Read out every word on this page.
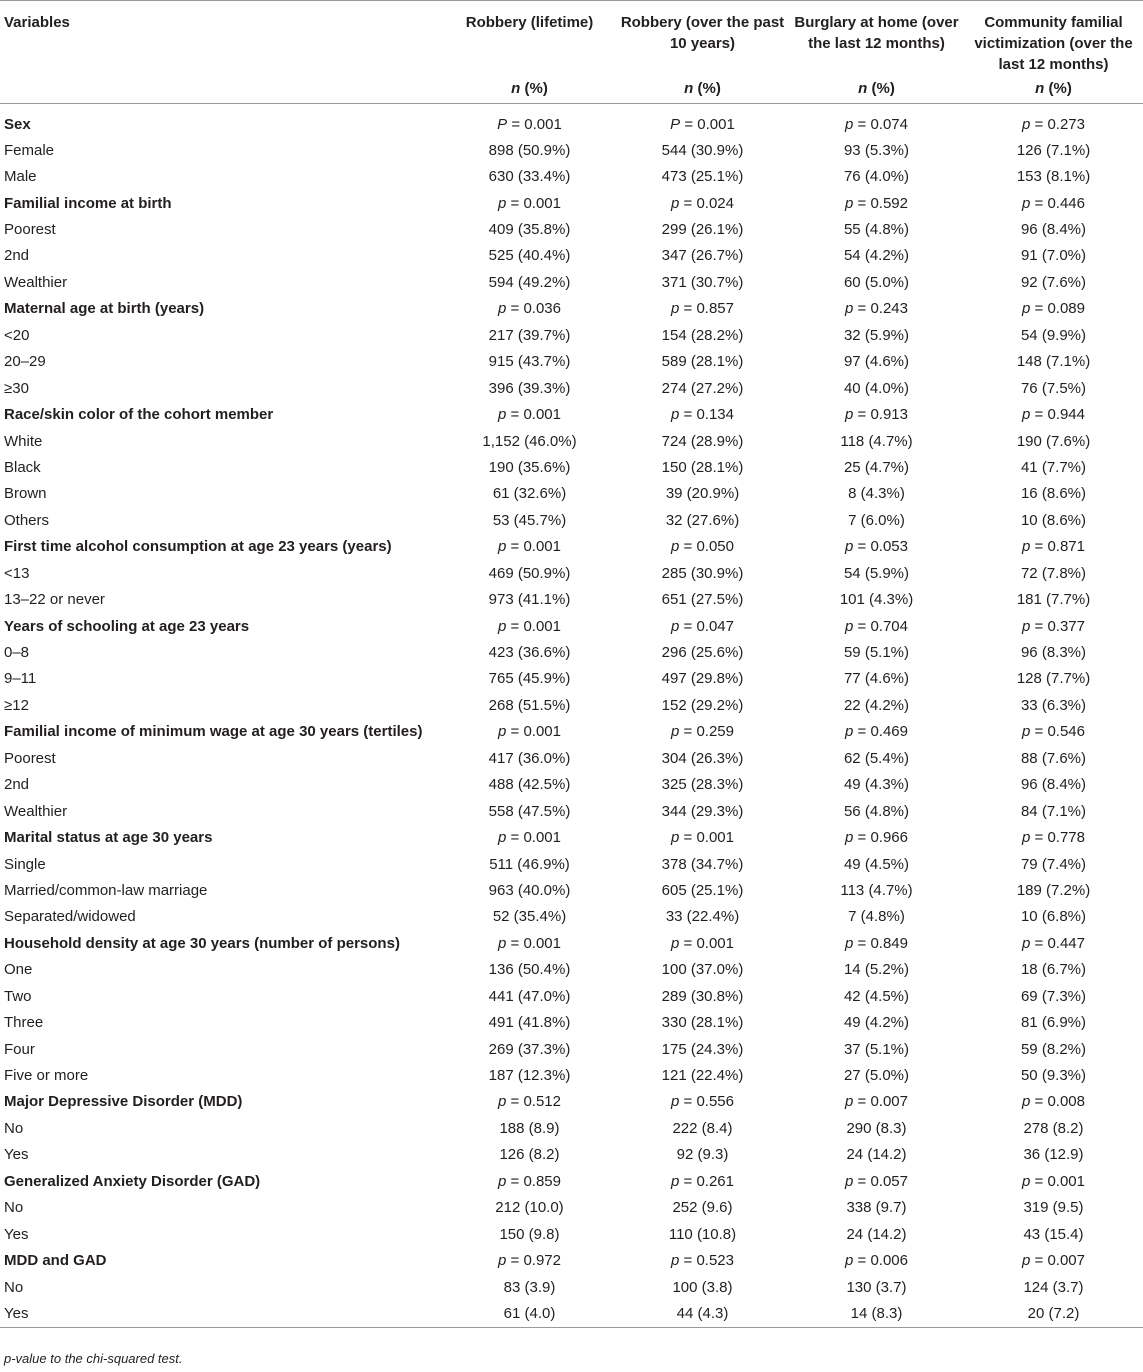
Variables	Robbery (lifetime)	Robbery (over the past 10 years)	Burglary at home (over the last 12 months)	Community familial victimization (over the last 12 months)
	n (%)	n (%)	n (%)	n (%)
Sex	P = 0.001	P = 0.001	p = 0.074	p = 0.273
Female	898 (50.9%)	544 (30.9%)	93 (5.3%)	126 (7.1%)
Male	630 (33.4%)	473 (25.1%)	76 (4.0%)	153 (8.1%)
Familial income at birth	p = 0.001	p = 0.024	p = 0.592	p = 0.446
Poorest	409 (35.8%)	299 (26.1%)	55 (4.8%)	96 (8.4%)
2nd	525 (40.4%)	347 (26.7%)	54 (4.2%)	91 (7.0%)
Wealthier	594 (49.2%)	371 (30.7%)	60 (5.0%)	92 (7.6%)
Maternal age at birth (years)	p = 0.036	p = 0.857	p = 0.243	p = 0.089
<20	217 (39.7%)	154 (28.2%)	32 (5.9%)	54 (9.9%)
20–29	915 (43.7%)	589 (28.1%)	97 (4.6%)	148 (7.1%)
≥30	396 (39.3%)	274 (27.2%)	40 (4.0%)	76 (7.5%)
Race/skin color of the cohort member	p = 0.001	p = 0.134	p = 0.913	p = 0.944
White	1,152 (46.0%)	724 (28.9%)	118 (4.7%)	190 (7.6%)
Black	190 (35.6%)	150 (28.1%)	25 (4.7%)	41 (7.7%)
Brown	61 (32.6%)	39 (20.9%)	8 (4.3%)	16 (8.6%)
Others	53 (45.7%)	32 (27.6%)	7 (6.0%)	10 (8.6%)
First time alcohol consumption at age 23 years (years)	p = 0.001	p = 0.050	p = 0.053	p = 0.871
<13	469 (50.9%)	285 (30.9%)	54 (5.9%)	72 (7.8%)
13–22 or never	973 (41.1%)	651 (27.5%)	101 (4.3%)	181 (7.7%)
Years of schooling at age 23 years	p = 0.001	p = 0.047	p = 0.704	p = 0.377
0–8	423 (36.6%)	296 (25.6%)	59 (5.1%)	96 (8.3%)
9–11	765 (45.9%)	497 (29.8%)	77 (4.6%)	128 (7.7%)
≥12	268 (51.5%)	152 (29.2%)	22 (4.2%)	33 (6.3%)
Familial income of minimum wage at age 30 years (tertiles)	p = 0.001	p = 0.259	p = 0.469	p = 0.546
Poorest	417 (36.0%)	304 (26.3%)	62 (5.4%)	88 (7.6%)
2nd	488 (42.5%)	325 (28.3%)	49 (4.3%)	96 (8.4%)
Wealthier	558 (47.5%)	344 (29.3%)	56 (4.8%)	84 (7.1%)
Marital status at age 30 years	p = 0.001	p = 0.001	p = 0.966	p = 0.778
Single	511 (46.9%)	378 (34.7%)	49 (4.5%)	79 (7.4%)
Married/common-law marriage	963 (40.0%)	605 (25.1%)	113 (4.7%)	189 (7.2%)
Separated/widowed	52 (35.4%)	33 (22.4%)	7 (4.8%)	10 (6.8%)
Household density at age 30 years (number of persons)	p = 0.001	p = 0.001	p = 0.849	p = 0.447
One	136 (50.4%)	100 (37.0%)	14 (5.2%)	18 (6.7%)
Two	441 (47.0%)	289 (30.8%)	42 (4.5%)	69 (7.3%)
Three	491 (41.8%)	330 (28.1%)	49 (4.2%)	81 (6.9%)
Four	269 (37.3%)	175 (24.3%)	37 (5.1%)	59 (8.2%)
Five or more	187 (12.3%)	121 (22.4%)	27 (5.0%)	50 (9.3%)
Major Depressive Disorder (MDD)	p = 0.512	p = 0.556	p = 0.007	p = 0.008
No	188 (8.9)	222 (8.4)	290 (8.3)	278 (8.2)
Yes	126 (8.2)	92 (9.3)	24 (14.2)	36 (12.9)
Generalized Anxiety Disorder (GAD)	p = 0.859	p = 0.261	p = 0.057	p = 0.001
No	212 (10.0)	252 (9.6)	338 (9.7)	319 (9.5)
Yes	150 (9.8)	110 (10.8)	24 (14.2)	43 (15.4)
MDD and GAD	p = 0.972	p = 0.523	p = 0.006	p = 0.007
No	83 (3.9)	100 (3.8)	130 (3.7)	124 (3.7)
Yes	61 (4.0)	44 (4.3)	14 (8.3)	20 (7.2)
p-value to the chi-squared test.
